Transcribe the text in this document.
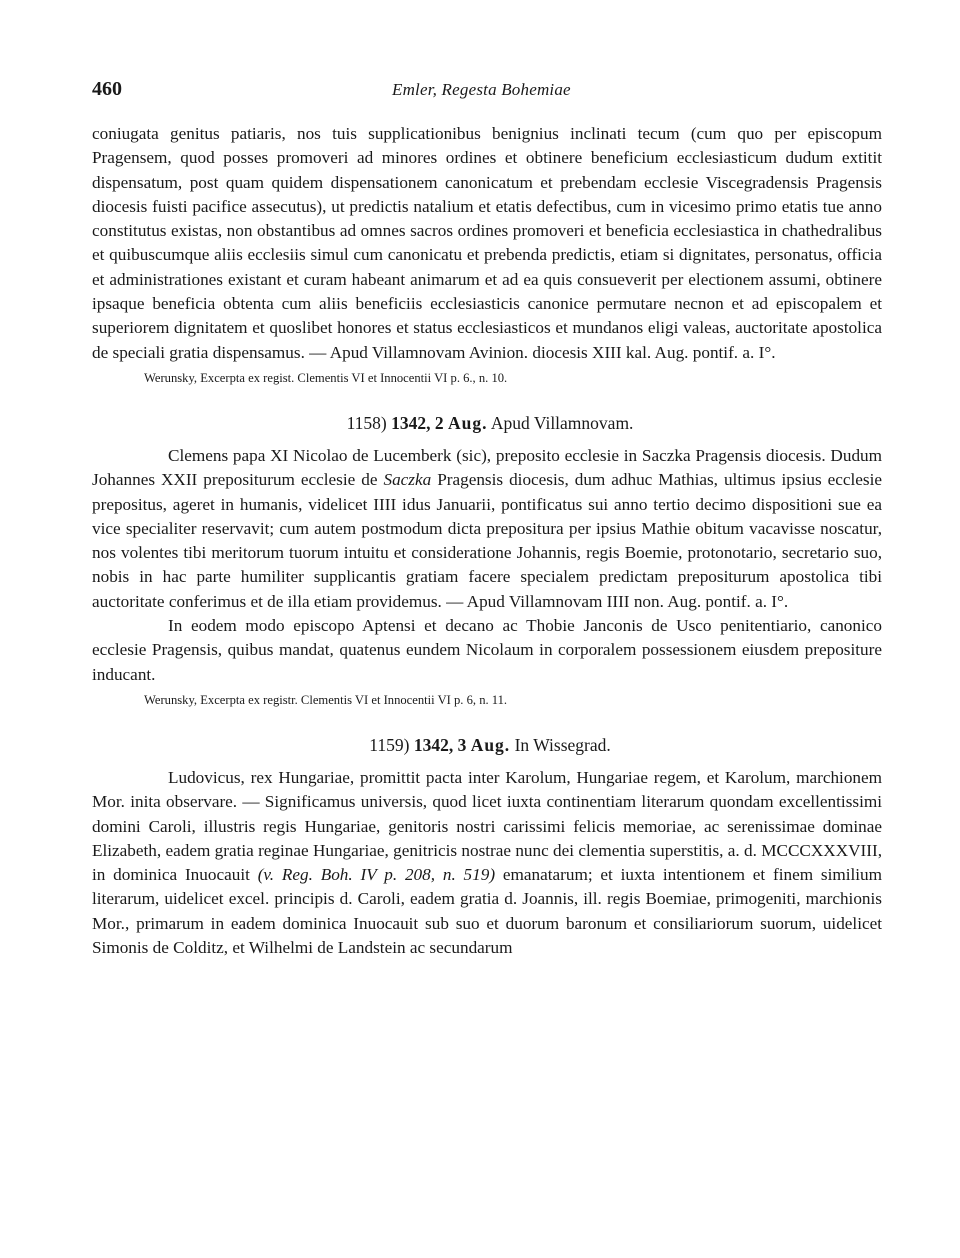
460	Emler, Regesta Bohemiae

coniugata genitus patiaris, nos tuis supplicationibus benignius inclinati tecum (cum quo per episcopum Pragensem, quod posses promoveri ad minores ordines et obtinere beneficium ecclesiasticum dudum extitit dispensatum, post quam quidem dispensationem canonicatum et prebendam ecclesie Viscegradensis Pragensis diocesis fuisti pacifice assecutus), ut predictis natalium et etatis defectibus, cum in vicesimo primo etatis tue anno constitutus existas, non obstantibus ad omnes sacros ordines promoveri et beneficia ecclesiastica in chathedralibus et quibuscumque aliis ecclesiis simul cum canonicatu et prebenda predictis, etiam si dignitates, personatus, officia et administrationes existant et curam habeant animarum et ad ea quis consueverit per electionem assumi, obtinere ipsaque beneficia obtenta cum aliis beneficiis ecclesiasticis canonice permutare necnon et ad episcopalem et superiorem dignitatem et quoslibet honores et status ecclesiasticos et mundanos eligi valeas, auctoritate apostolica de speciali gratia dispensamus. — Apud Villamnovam Avinion. diocesis XIII kal. Aug. pontif. a. I°.

Werunsky, Excerpta ex regist. Clementis VI et Innocentii VI p. 6., n. 10.

1158) 1342, 2 Aug. Apud Villamnovam.

Clemens papa XI Nicolao de Lucemberk (sic), preposito ecclesie in Saczka Pragensis diocesis. Dudum Johannes XXII prepositurum ecclesie de Saczka Pragensis diocesis, dum adhuc Mathias, ultimus ipsius ecclesie prepositus, ageret in humanis, videlicet IIII idus Januarii, pontificatus sui anno tertio decimo dispositioni sue ea vice specialiter reservavit; cum autem postmodum dicta prepositura per ipsius Mathie obitum vacavisse noscatur, nos volentes tibi meritorum tuorum intuitu et consideratione Johannis, regis Boemie, protonotario, secretario suo, nobis in hac parte humiliter supplicantis gratiam facere specialem predictam prepositurum apostolica tibi auctoritate conferimus et de illa etiam providemus. — Apud Villamnovam IIII non. Aug. pontif. a. I°.

In eodem modo episcopo Aptensi et decano ac Thobie Janconis de Usco penitentiario, canonico ecclesie Pragensis, quibus mandat, quatenus eundem Nicolaum in corporalem possessionem eiusdem prepositure inducant.

Werunsky, Excerpta ex registr. Clementis VI et Innocentii VI p. 6, n. 11.

1159) 1342, 3 Aug. In Wissegrad.

Ludovicus, rex Hungariae, promittit pacta inter Karolum, Hungariae regem, et Karolum, marchionem Mor. inita observare. — Significamus universis, quod licet iuxta continentiam literarum quondam excellentissimi domini Caroli, illustris regis Hungariae, genitoris nostri carissimi felicis memoriae, ac serenissimae dominae Elizabeth, eadem gratia reginae Hungariae, genitricis nostrae nunc dei clementia superstitis, a. d. MCCCXXXVIII, in dominica Inuocauit (v. Reg. Boh. IV p. 208, n. 519) emanatarum; et iuxta intentionem et finem similium literarum, uidelicet excel. principis d. Caroli, eadem gratia d. Joannis, ill. regis Boemiae, primogeniti, marchionis Mor., primarum in eadem dominica Inuocauit sub suo et duorum baronum et consiliariorum suorum, uidelicet Simonis de Colditz, et Wilhelmi de Landstein ac secundarum
